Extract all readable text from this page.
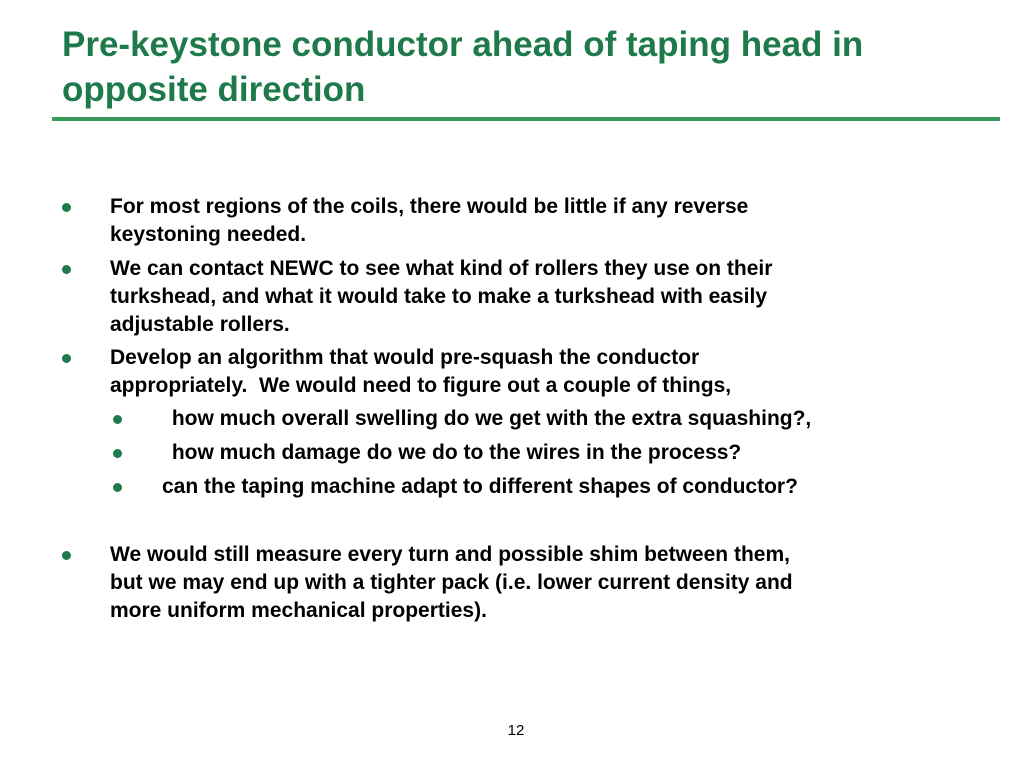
Pre-keystone conductor ahead of taping head in opposite direction
For most regions of the coils, there would be little if any reverse
keystoning needed.
We can contact NEWC to see what kind of rollers they use on their
turkshead, and what it would take to make a turkshead with easily
adjustable rollers.
Develop an algorithm that would pre-squash the conductor
appropriately.  We would need to figure out a couple of things,
how much overall swelling do we get with the extra squashing?,
how much damage do we do to the wires in the process?
can the taping machine adapt to different shapes of conductor?
We would still measure every turn and possible shim between them,
but we may end up with a tighter pack (i.e. lower current density and
more uniform mechanical properties).
12
